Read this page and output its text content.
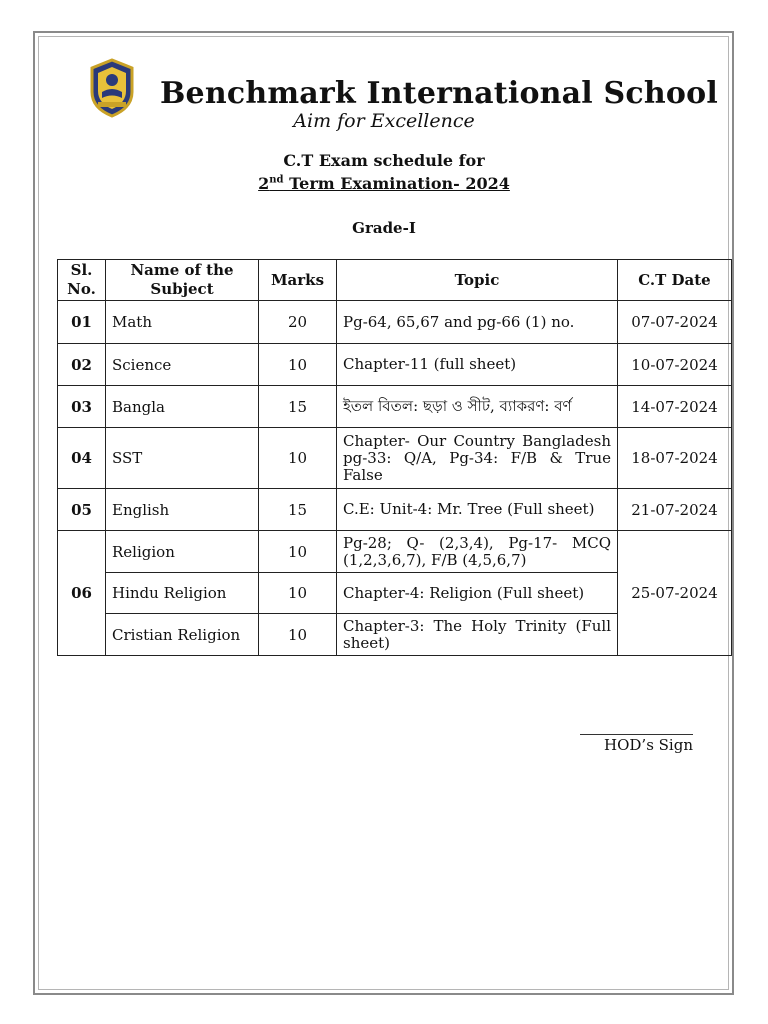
Benchmark International School
Aim for Excellence
C.T Exam schedule for
2nd Term Examination- 2024
Grade-I
Sl. No.	Name of the Subject	Marks	Topic	C.T Date
01	Math	20	Pg-64, 65,67 and pg-66 (1) no.	07-07-2024
02	Science	10	Chapter-11 (full sheet)	10-07-2024
03	Bangla	15	ইতল বিতল: ছড়া ও সীট, ব্যাকরণ: বর্ণ	14-07-2024
04	SST	10	Chapter- Our Country Bangladesh pg-33: Q/A, Pg-34: F/B & True False	18-07-2024
05	English	15	C.E: Unit-4: Mr. Tree (Full sheet)	21-07-2024
06	Religion	10	Pg-28; Q- (2,3,4), Pg-17- MCQ (1,2,3,6,7), F/B (4,5,6,7)	25-07-2024
	Hindu Religion	10	Chapter-4: Religion (Full sheet)	
	Cristian Religion	10	Chapter-3: The Holy Trinity (Full sheet)	
HOD’s Sign
